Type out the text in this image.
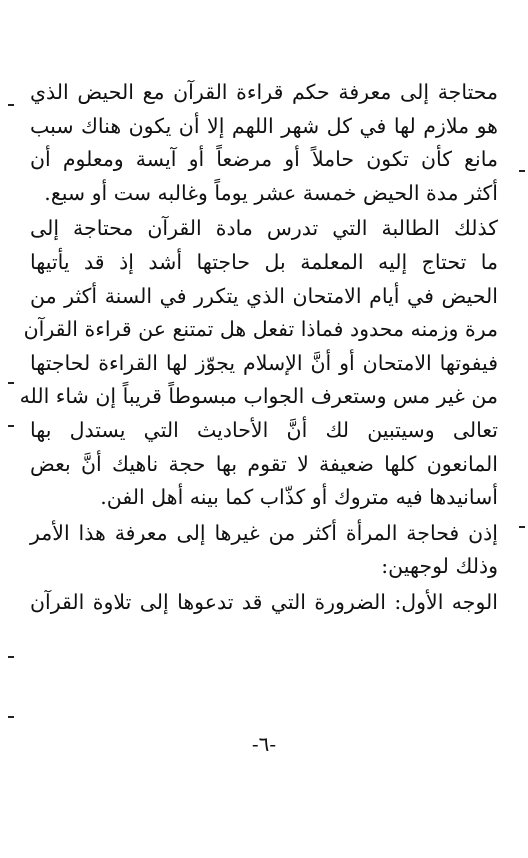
محتاجة إلى معرفة حكم قراءة القرآن مع الحيض الذي
هو ملازم لها في كل شهر اللهم إلا أن يكون هناك سبب
مانع كأن تكون حاملاً أو مرضعاً أو آيسة ومعلوم أن
أكثر مدة الحيض خمسة عشر يوماً وغالبه ست أو سبع.
كذلك الطالبة التي تدرس مادة القرآن محتاجة إلى
ما تحتاج إليه المعلمة بل حاجتها أشد إذ قد يأتيها
الحيض في أيام الامتحان الذي يتكرر في السنة أكثر من
مرة وزمنه محدود فماذا تفعل هل تمتنع عن قراءة القرآن
فيفوتها الامتحان أو أنَّ الإسلام يجوّز لها القراءة لحاجتها
من غير مس وستعرف الجواب مبسوطاً قريباً إن شاء الله
تعالى وسيتبين لك أنَّ الأحاديث التي يستدل بها
المانعون كلها ضعيفة لا تقوم بها حجة ناهيك أنَّ بعض
أسانيدها فيه متروك أو كذّاب كما بينه أهل الفن.
إذن فحاجة المرأة أكثر من غيرها إلى معرفة هذا الأمر
وذلك لوجهين:
الوجه الأول: الضرورة التي قد تدعوها إلى تلاوة القرآن
-٦-
